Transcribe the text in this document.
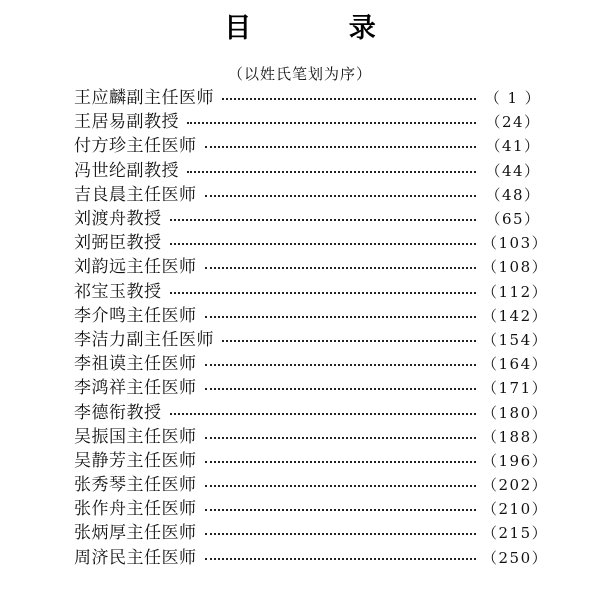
目 录
（以姓氏笔划为序）
王应麟副主任医师	（ 1 ）
王居易副教授	（24）
付方珍主任医师	（41）
冯世纶副教授	（44）
吉良晨主任医师	（48）
刘渡舟教授	（65）
刘弼臣教授	（103）
刘韵远主任医师	（108）
祁宝玉教授	（112）
李介鸣主任医师	（142）
李洁力副主任医师	（154）
李祖谟主任医师	（164）
李鸿祥主任医师	（171）
李德衔教授	（180）
吴振国主任医师	（188）
吴静芳主任医师	（196）
张秀琴主任医师	（202）
张作舟主任医师	（210）
张炳厚主任医师	（215）
周济民主任医师	（250）
